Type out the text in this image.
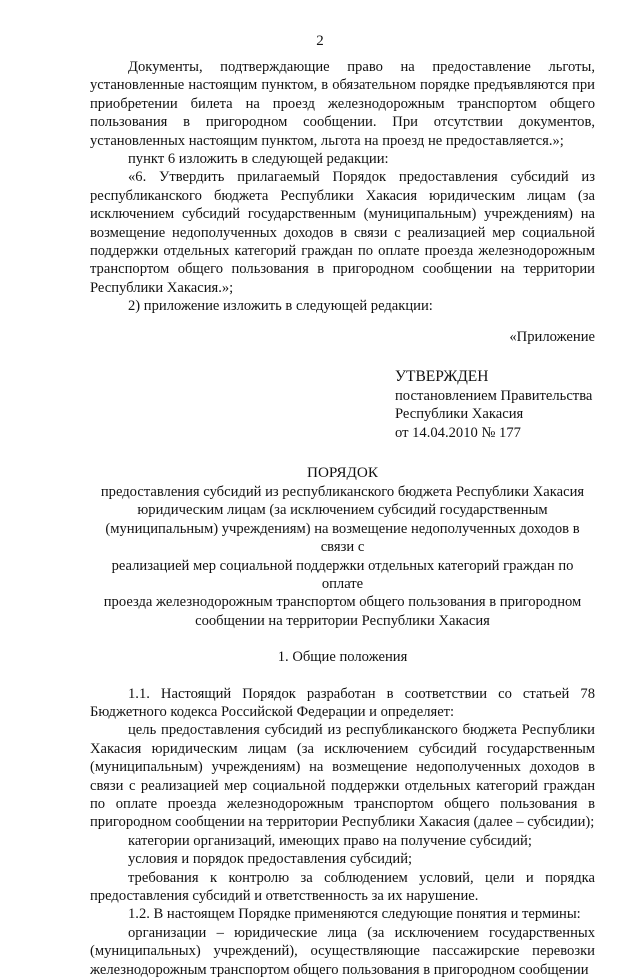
2

Документы, подтверждающие право на предоставление льготы, установленные настоящим пунктом, в обязательном порядке предъявляются при приобретении билета на проезд железнодорожным транспортом общего пользования в пригородном сообщении. При отсутствии документов, установленных настоящим пунктом, льгота на проезд не предоставляется.»;

пункт 6 изложить в следующей редакции:

«6. Утвердить прилагаемый Порядок предоставления субсидий из республиканского бюджета Республики Хакасия юридическим лицам (за исключением субсидий государственным (муниципальным) учреждениям) на возмещение недополученных доходов в связи с реализацией мер социальной поддержки отдельных категорий граждан по оплате проезда железнодорожным транспортом общего пользования в пригородном сообщении на территории Республики Хакасия.»;

2) приложение изложить в следующей редакции:

«Приложение

УТВЕРЖДЕН

постановлением Правительства

Республики Хакасия

от 14.04.2010 № 177

ПОРЯДОК

предоставления субсидий из республиканского бюджета Республики Хакасия

юридическим лицам (за исключением субсидий государственным

(муниципальным) учреждениям) на возмещение недополученных доходов в связи с

реализацией мер социальной поддержки отдельных категорий граждан по оплате

проезда железнодорожным транспортом общего пользования в пригородном

сообщении на территории Республики Хакасия

1. Общие положения

1.1. Настоящий Порядок разработан в соответствии со статьей 78 Бюджетного кодекса Российской Федерации и определяет:

цель предоставления субсидий из республиканского бюджета Республики Хакасия юридическим лицам (за исключением субсидий государственным (муниципальным) учреждениям) на возмещение недополученных доходов в связи с реализацией мер социальной поддержки отдельных категорий граждан по оплате проезда железнодорожным транспортом общего пользования в пригородном сообщении на территории Республики Хакасия (далее – субсидии);

категории организаций, имеющих право на получение субсидий;

условия и порядок предоставления субсидий;

требования к контролю за соблюдением условий, цели и порядка предоставления субсидий и ответственность за их нарушение.

1.2. В настоящем Порядке применяются следующие понятия и термины:

организации – юридические лица (за исключением государственных (муниципальных) учреждений), осуществляющие пассажирские перевозки железнодорожным транспортом общего пользования в пригородном сообщении
